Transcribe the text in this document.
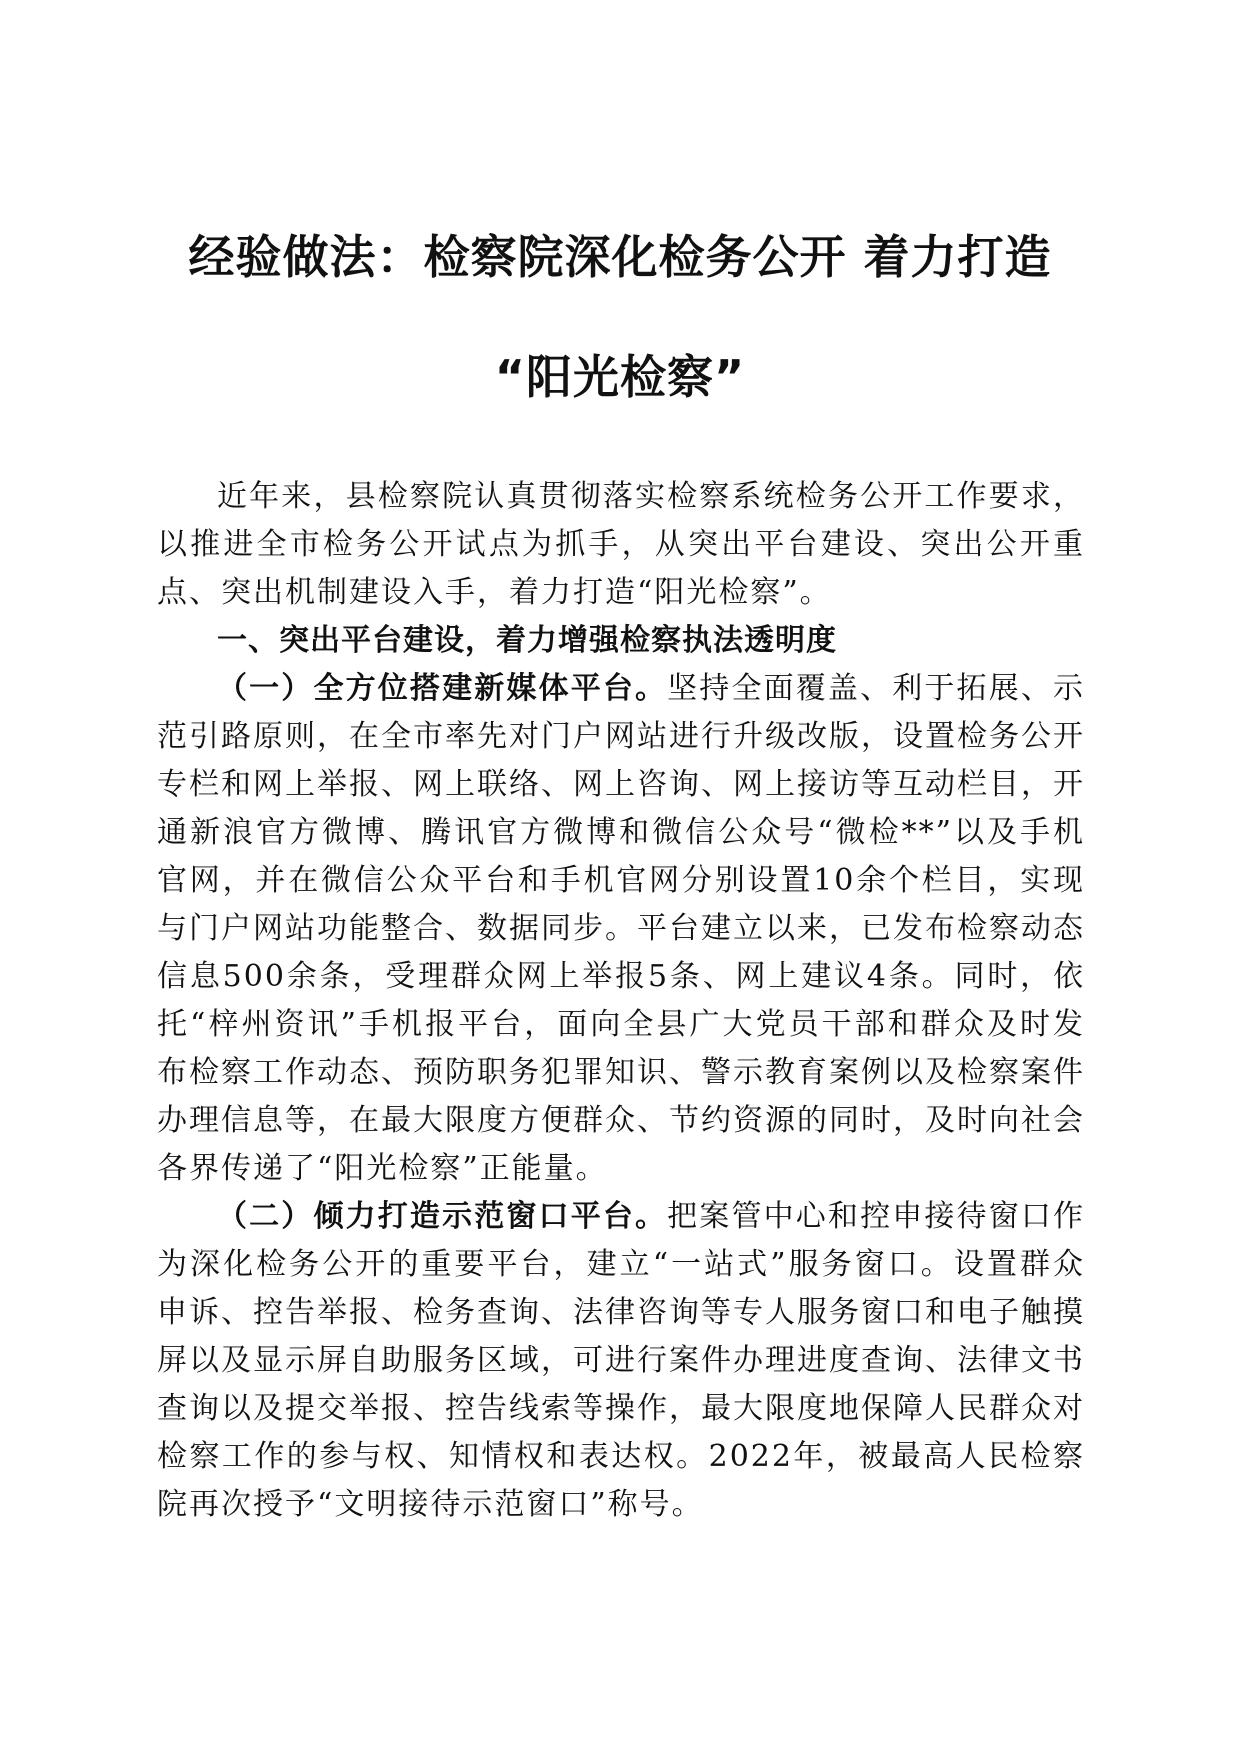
经验做法：检察院深化检务公开 着力打造
“阳光检察”

近年来，县检察院认真贯彻落实检察系统检务公开工作要求，以推进全市检务公开试点为抓手，从突出平台建设、突出公开重点、突出机制建设入手，着力打造“阳光检察”。

一、突出平台建设，着力增强检察执法透明度

（一）全方位搭建新媒体平台。坚持全面覆盖、利于拓展、示范引路原则，在全市率先对门户网站进行升级改版，设置检务公开专栏和网上举报、网上联络、网上咨询、网上接访等互动栏目，开通新浪官方微博、腾讯官方微博和微信公众号“微检**”以及手机官网，并在微信公众平台和手机官网分别设置10余个栏目，实现与门户网站功能整合、数据同步。平台建立以来，已发布检察动态信息500余条，受理群众网上举报5条、网上建议4条。同时，依托“梓州资讯”手机报平台，面向全县广大党员干部和群众及时发布检察工作动态、预防职务犯罪知识、警示教育案例以及检察案件办理信息等，在最大限度方便群众、节约资源的同时，及时向社会各界传递了“阳光检察”正能量。

（二）倾力打造示范窗口平台。把案管中心和控申接待窗口作为深化检务公开的重要平台，建立“一站式”服务窗口。设置群众申诉、控告举报、检务查询、法律咨询等专人服务窗口和电子触摸屏以及显示屏自助服务区域，可进行案件办理进度查询、法律文书查询以及提交举报、控告线索等操作，最大限度地保障人民群众对检察工作的参与权、知情权和表达权。2022年，被最高人民检察院再次授予“文明接待示范窗口”称号。
